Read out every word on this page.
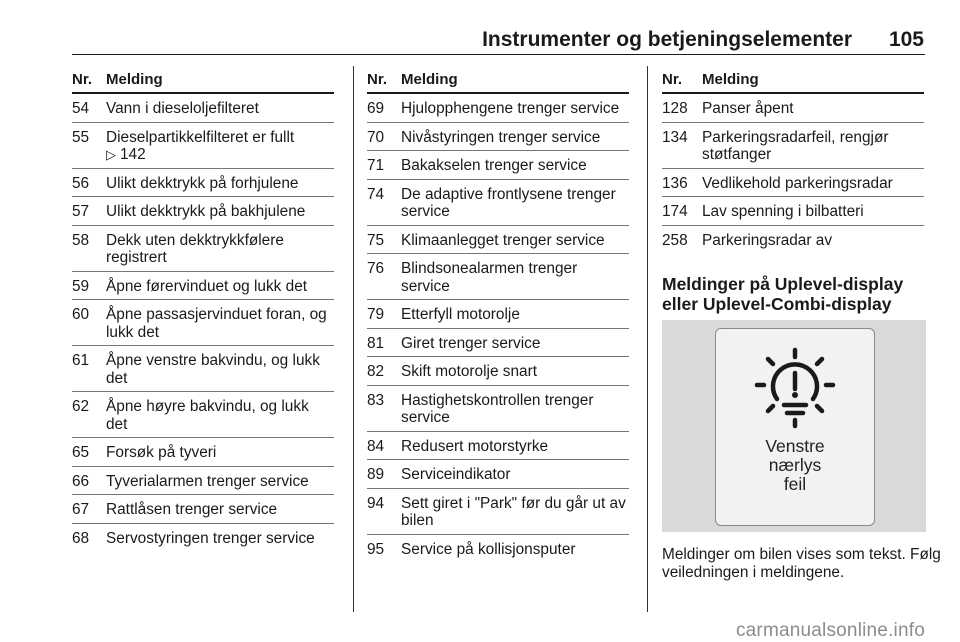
Instrumenter og betjeningselementer 105
Nr. Melding
54	Vann i dieseloljefilteret
55	Dieselpartikkelfilteret er fullt
▷ 142
56	Ulikt dekktrykk på forhjulene
57	Ulikt dekktrykk på bakhjulene
58	Dekk uten dekktrykkfølere registrert
59	Åpne førervinduet og lukk det
60	Åpne passasjervinduet foran, og lukk det
61	Åpne venstre bakvindu, og lukk det
62	Åpne høyre bakvindu, og lukk det
65	Forsøk på tyveri
66	Tyverialarmen trenger service
67	Rattlåsen trenger service
68	Servostyringen trenger service
Nr. Melding
69	Hjulopphengene trenger service
70	Nivåstyringen trenger service
71	Bakakselen trenger service
74	De adaptive frontlysene trenger service
75	Klimaanlegget trenger service
76	Blindsonealarmen trenger service
79	Etterfyll motorolje
81	Giret trenger service
82	Skift motorolje snart
83	Hastighetskontrollen trenger service
84	Redusert motorstyrke
89	Serviceindikator
94	Sett giret i "Park" før du går ut av bilen
95	Service på kollisjonsputer
Nr.	Melding
128 Panser åpent
134 Parkeringsradarfeil, rengjør støtfanger
136 Vedlikehold parkeringsradar
174 Lav spenning i bilbatteri
258 Parkeringsradar av
Meldinger på Uplevel-display eller Uplevel-Combi-display
Venstre
nærlys
feil
Meldinger om bilen vises som tekst. Følg veiledningen i meldingene.
carmanualsonline.info
